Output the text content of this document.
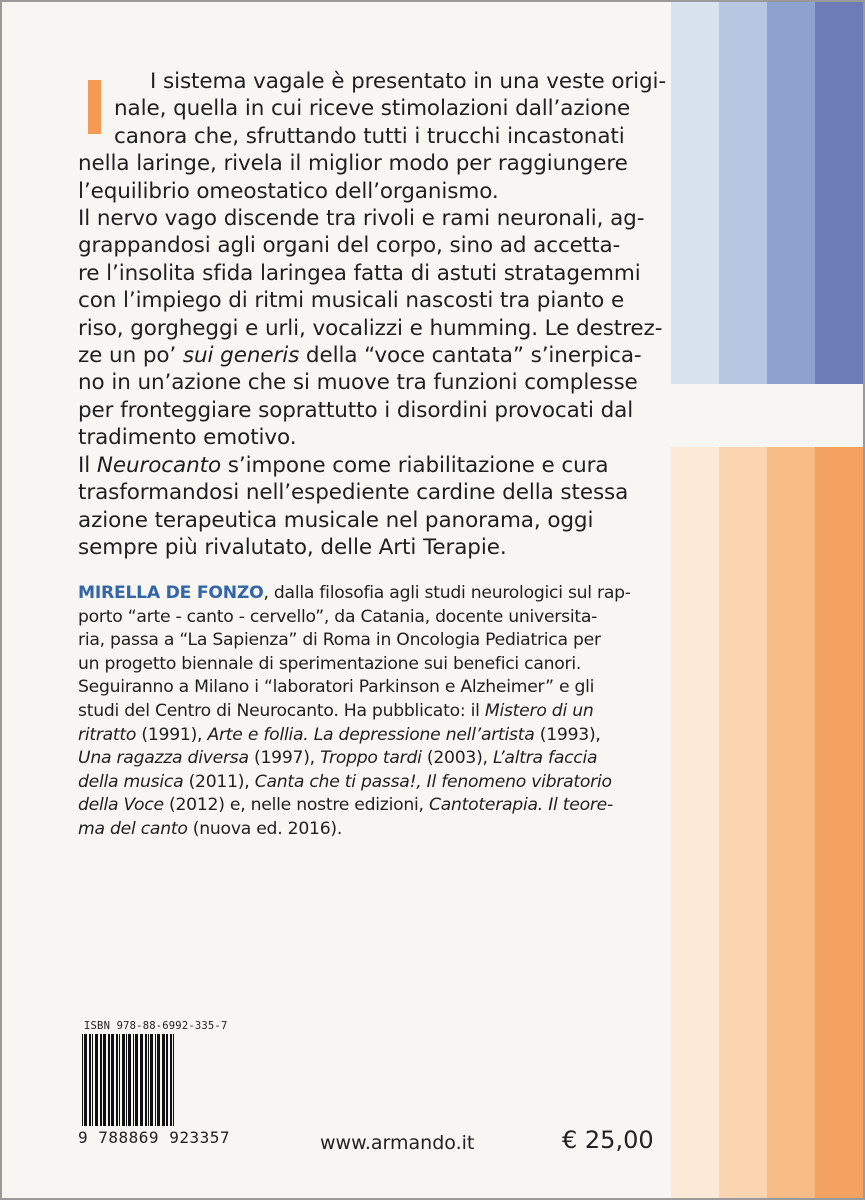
I sistema vagale è presentato in una veste origi-
nale, quella in cui riceve stimolazioni dall’azione
canora che, sfruttando tutti i trucchi incastonati
nella laringe, rivela il miglior modo per raggiungere
l’equilibrio omeostatico dell’organismo.

Il nervo vago discende tra rivoli e rami neuronali, ag-
grappandosi agli organi del corpo, sino ad accetta-
re l’insolita sfida laringea fatta di astuti stratagemmi
con l’impiego di ritmi musicali nascosti tra pianto e
riso, gorgheggi e urli, vocalizzi e humming. Le destrez-
ze un po’ sui generis della “voce cantata” s’inerpica-
no in un’azione che si muove tra funzioni complesse
per fronteggiare soprattutto i disordini provocati dal
tradimento emotivo.

Il Neurocanto s’impone come riabilitazione e cura
trasformandosi nell’espediente cardine della stessa
azione terapeutica musicale nel panorama, oggi
sempre più rivalutato, delle Arti Terapie.

MIRELLA DE FONZO, dalla filosofia agli studi neurologici sul rap-
porto “arte - canto - cervello”, da Catania, docente universita-
ria, passa a “La Sapienza” di Roma in Oncologia Pediatrica per
un progetto biennale di sperimentazione sui benefici canori.
Seguiranno a Milano i “laboratori Parkinson e Alzheimer” e gli
studi del Centro di Neurocanto. Ha pubblicato: il Mistero di un
ritratto (1991), Arte e follia. La depressione nell’artista (1993),
Una ragazza diversa (1997), Troppo tardi (2003), L’altra faccia
della musica (2011), Canta che ti passa!, Il fenomeno vibratorio
della Voce (2012) e, nelle nostre edizioni, Cantoterapia. Il teore-
ma del canto (nuova ed. 2016).
ISBN 978-88-6992-335-7
9 788869 923357	www.armando.it	€ 25,00
